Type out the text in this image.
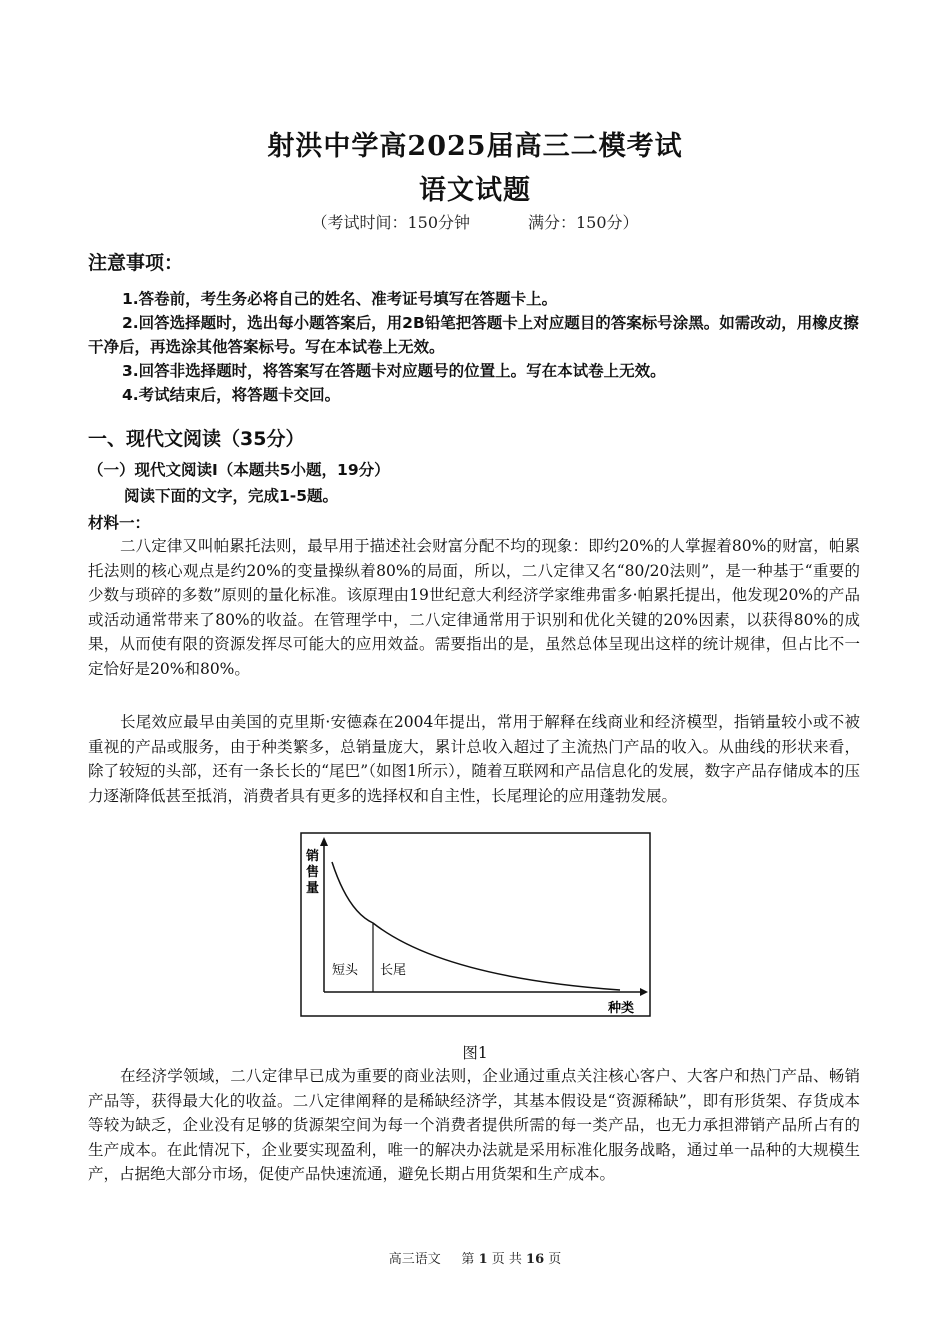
射洪中学高2025届高三二模考试
语文试题
（考试时间：150分钟	满分：150分）
注意事项：
1.答卷前，考生务必将自己的姓名、准考证号填写在答题卡上。
2.回答选择题时，选出每小题答案后，用2B铅笔把答题卡上对应题目的答案标号涂黑。如需改动，用橡皮擦干净后，再选涂其他答案标号。写在本试卷上无效。
3.回答非选择题时，将答案写在答题卡对应题号的位置上。写在本试卷上无效。
4.考试结束后，将答题卡交回。
一、现代文阅读（35分）
（一）现代文阅读Ⅰ（本题共5小题，19分）
阅读下面的文字，完成1-5题。
材料一：
二八定律又叫帕累托法则，最早用于描述社会财富分配不均的现象：即约20%的人掌握着80%的财富，帕累托法则的核心观点是约20%的变量操纵着80%的局面，所以，二八定律又名“80/20法则”，是一种基于“重要的少数与琐碎的多数”原则的量化标准。该原理由19世纪意大利经济学家维弗雷多·帕累托提出，他发现20%的产品或活动通常带来了80%的收益。在管理学中，二八定律通常用于识别和优化关键的20%因素，以获得80%的成果，从而使有限的资源发挥尽可能大的应用效益。需要指出的是，虽然总体呈现出这样的统计规律，但占比不一定恰好是20%和80%。
长尾效应最早由美国的克里斯·安德森在2004年提出，常用于解释在线商业和经济模型，指销量较小或不被重视的产品或服务，由于种类繁多，总销量庞大，累计总收入超过了主流热门产品的收入。从曲线的形状来看，除了较短的头部，还有一条长长的“尾巴”（如图1所示），随着互联网和产品信息化的发展，数字产品存储成本的压力逐渐降低甚至抵消，消费者具有更多的选择权和自主性，长尾理论的应用蓬勃发展。
销售量
种类
短头 长尾
图1
在经济学领域，二八定律早已成为重要的商业法则，企业通过重点关注核心客户、大客户和热门产品、畅销产品等，获得最大化的收益。二八定律阐释的是稀缺经济学，其基本假设是“资源稀缺”，即有形货架、存货成本等较为缺乏，企业没有足够的货源架空间为每一个消费者提供所需的每一类产品，也无力承担滞销产品所占有的生产成本。在此情况下，企业要实现盈利，唯一的解决办法就是采用标准化服务战略，通过单一品种的大规模生产，占据绝大部分市场，促使产品快速流通，避免长期占用货架和生产成本。
高三语文 第 1 页 共 16 页
